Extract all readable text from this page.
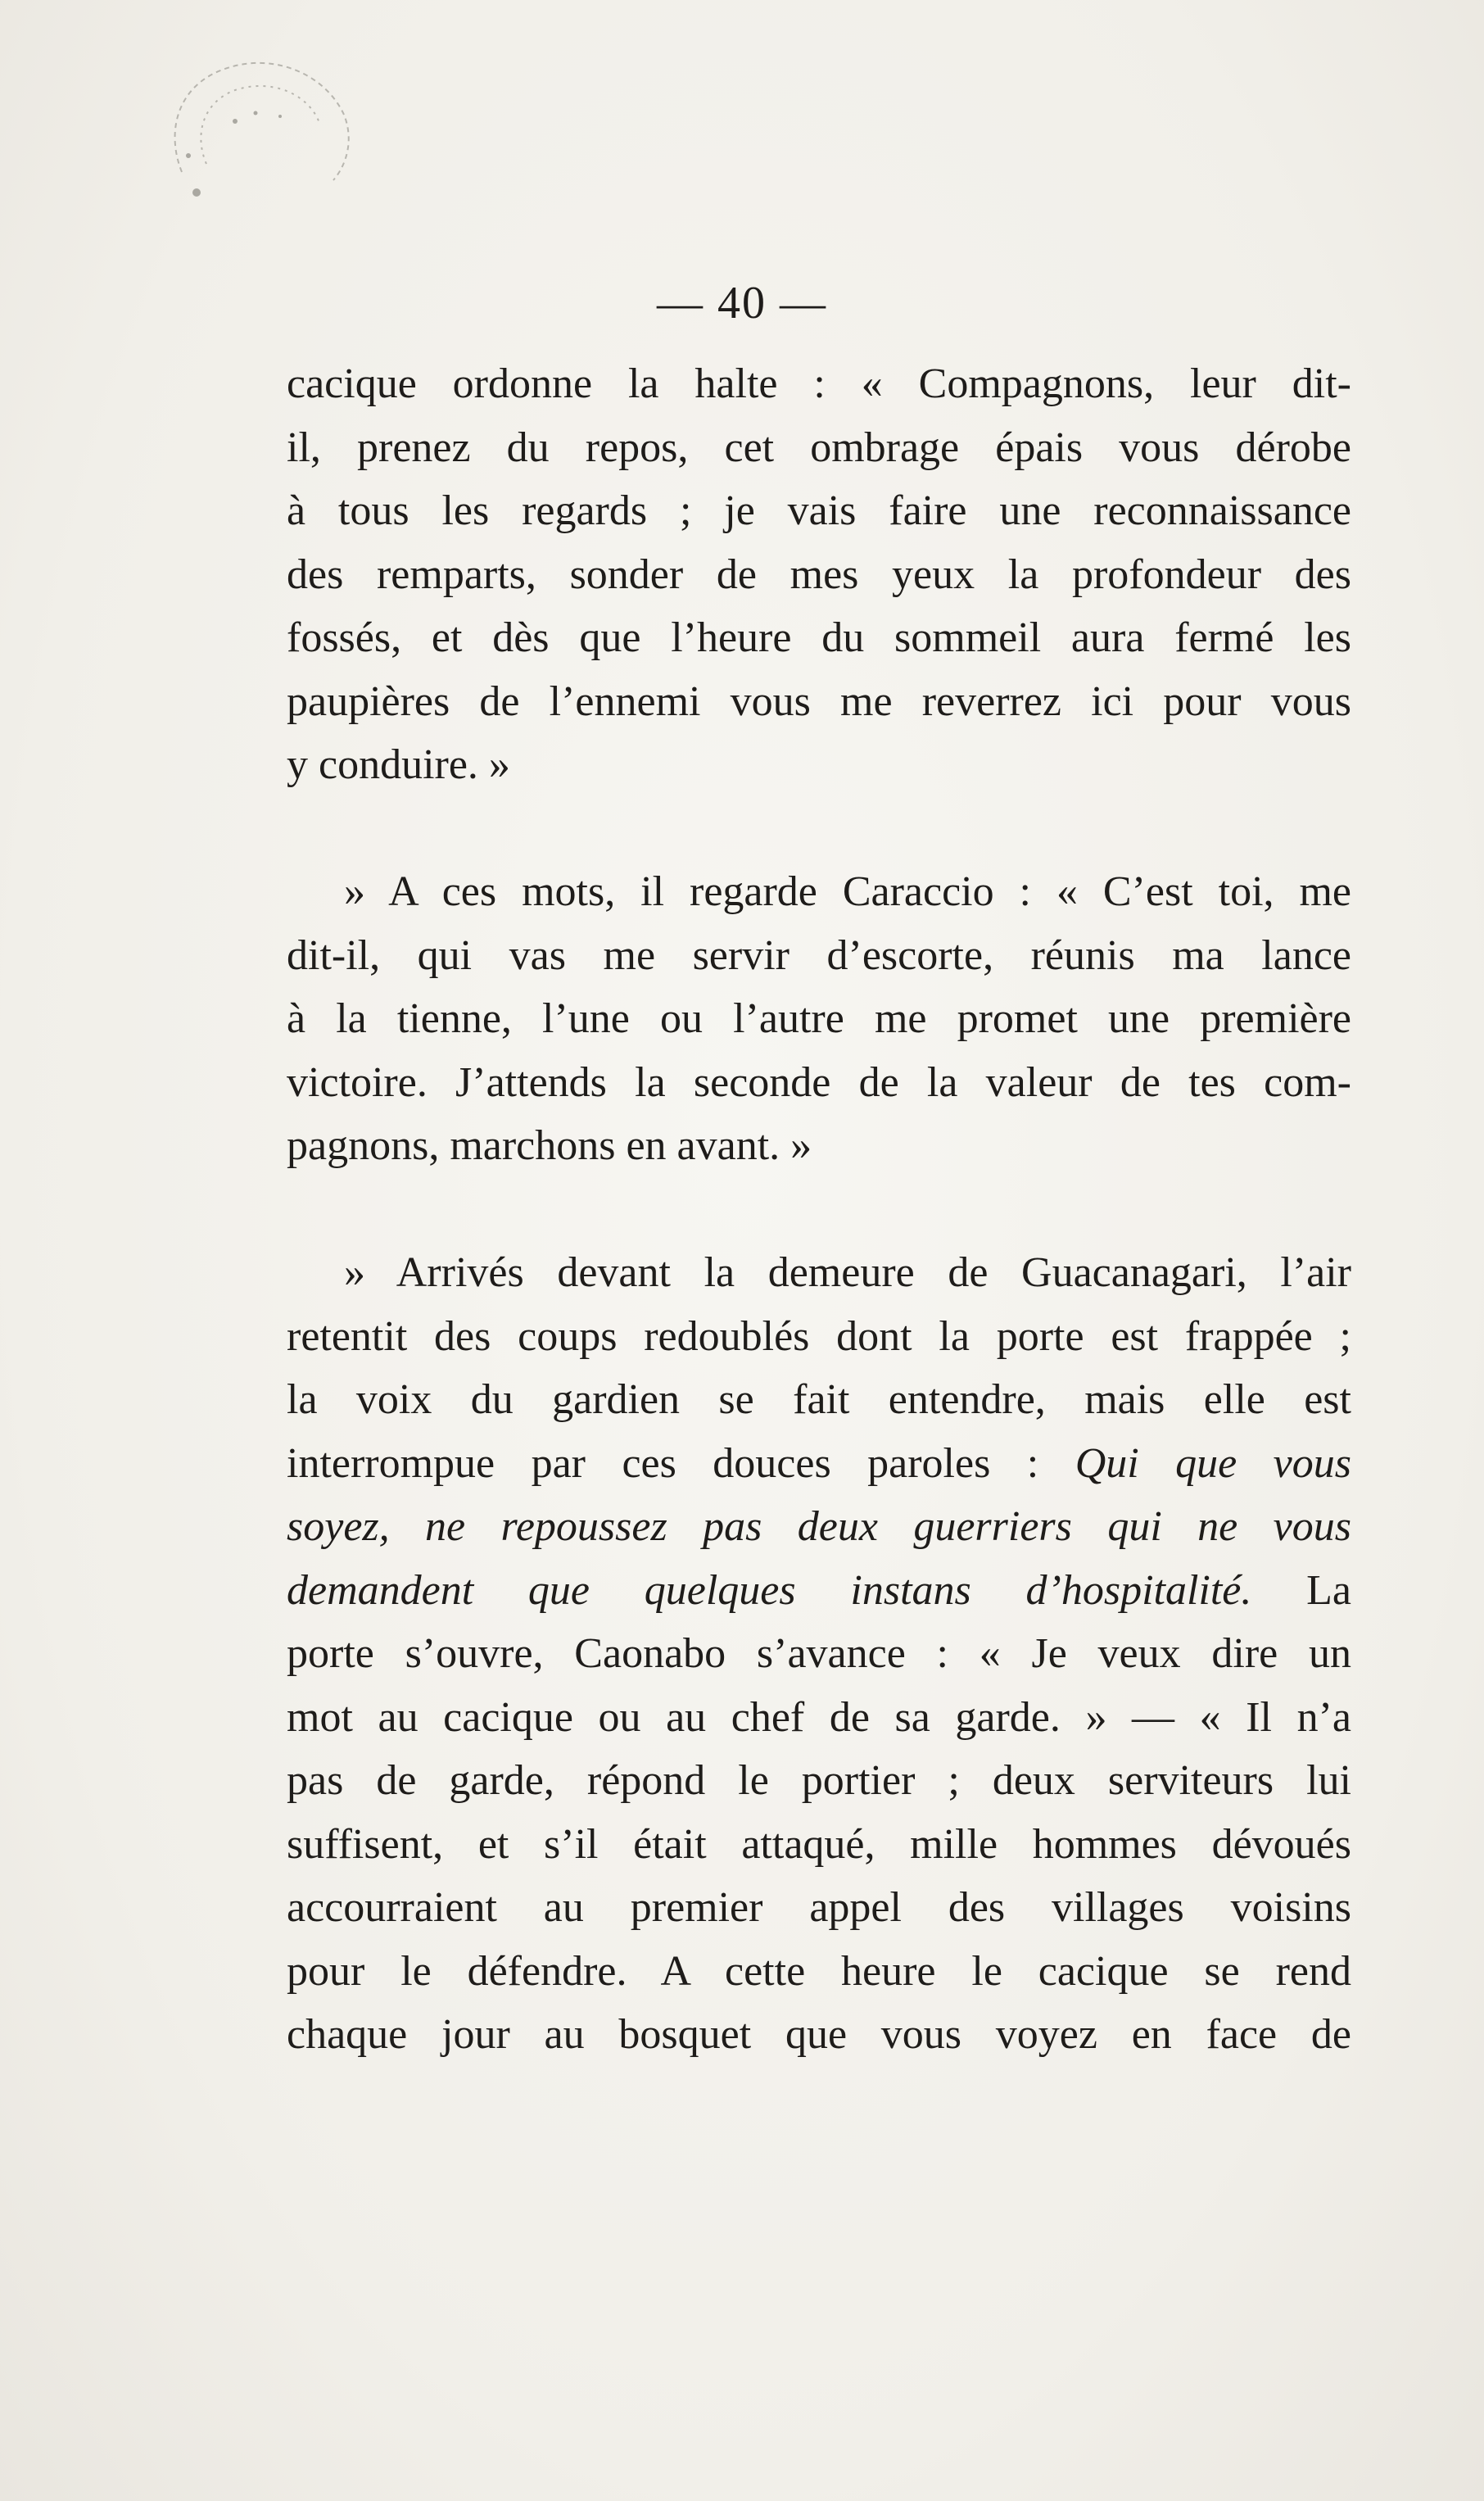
— 40 —
cacique ordonne la halte : « Compagnons, leur dit-
il, prenez du repos, cet ombrage épais vous dérobe
à tous les regards ; je vais faire une reconnaissance
des remparts, sonder de mes yeux la profondeur des
fossés, et dès que l’heure du sommeil aura fermé les
paupières de l’ennemi vous me reverrez ici pour vous
y conduire. »
» A ces mots, il regarde Caraccio : « C’est toi, me
dit-il, qui vas me servir d’escorte, réunis ma lance
à la tienne, l’une ou l’autre me promet une première
victoire. J’attends la seconde de la valeur de tes com-
pagnons, marchons en avant. »
» Arrivés devant la demeure de Guacanagari, l’air
retentit des coups redoublés dont la porte est frappée ;
la voix du gardien se fait entendre, mais elle est
interrompue par ces douces paroles : Qui que vous
soyez, ne repoussez pas deux guerriers qui ne vous
demandent que quelques instans d’hospitalité. La
porte s’ouvre, Caonabo s’avance : « Je veux dire un
mot au cacique ou au chef de sa garde. » — « Il n’a
pas de garde, répond le portier ; deux serviteurs lui
suffisent, et s’il était attaqué, mille hommes dévoués
accourraient au premier appel des villages voisins
pour le défendre. A cette heure le cacique se rend
chaque jour au bosquet que vous voyez en face de
